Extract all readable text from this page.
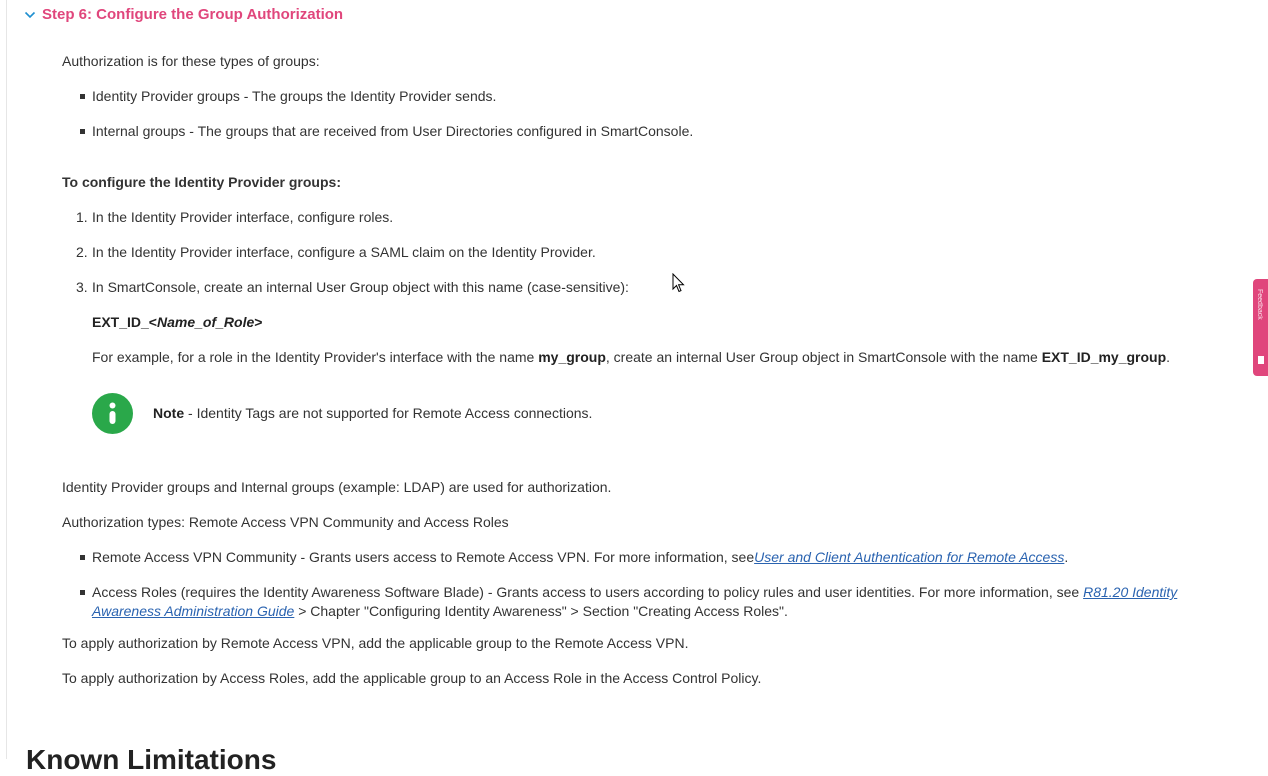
Step 6: Configure the Group Authorization

Authorization is for these types of groups:

Identity Provider groups - The groups the Identity Provider sends.
Internal groups - The groups that are received from User Directories configured in SmartConsole.

To configure the Identity Provider groups:

1. In the Identity Provider interface, configure roles.
2. In the Identity Provider interface, configure a SAML claim on the Identity Provider.
3. In SmartConsole, create an internal User Group object with this name (case-sensitive):

EXT_ID_<Name_of_Role>

For example, for a role in the Identity Provider's interface with the name my_group, create an internal User Group object in SmartConsole with the name EXT_ID_my_group.

Note - Identity Tags are not supported for Remote Access connections.

Identity Provider groups and Internal groups (example: LDAP) are used for authorization.

Authorization types: Remote Access VPN Community and Access Roles

Remote Access VPN Community - Grants users access to Remote Access VPN. For more information, seeUser and Client Authentication for Remote Access.
Access Roles (requires the Identity Awareness Software Blade) - Grants access to users according to policy rules and user identities. For more information, see R81.20 Identity Awareness Administration Guide > Chapter "Configuring Identity Awareness" > Section "Creating Access Roles".

To apply authorization by Remote Access VPN, add the applicable group to the Remote Access VPN.

To apply authorization by Access Roles, add the applicable group to an Access Role in the Access Control Policy.

Known Limitations
Feedback
